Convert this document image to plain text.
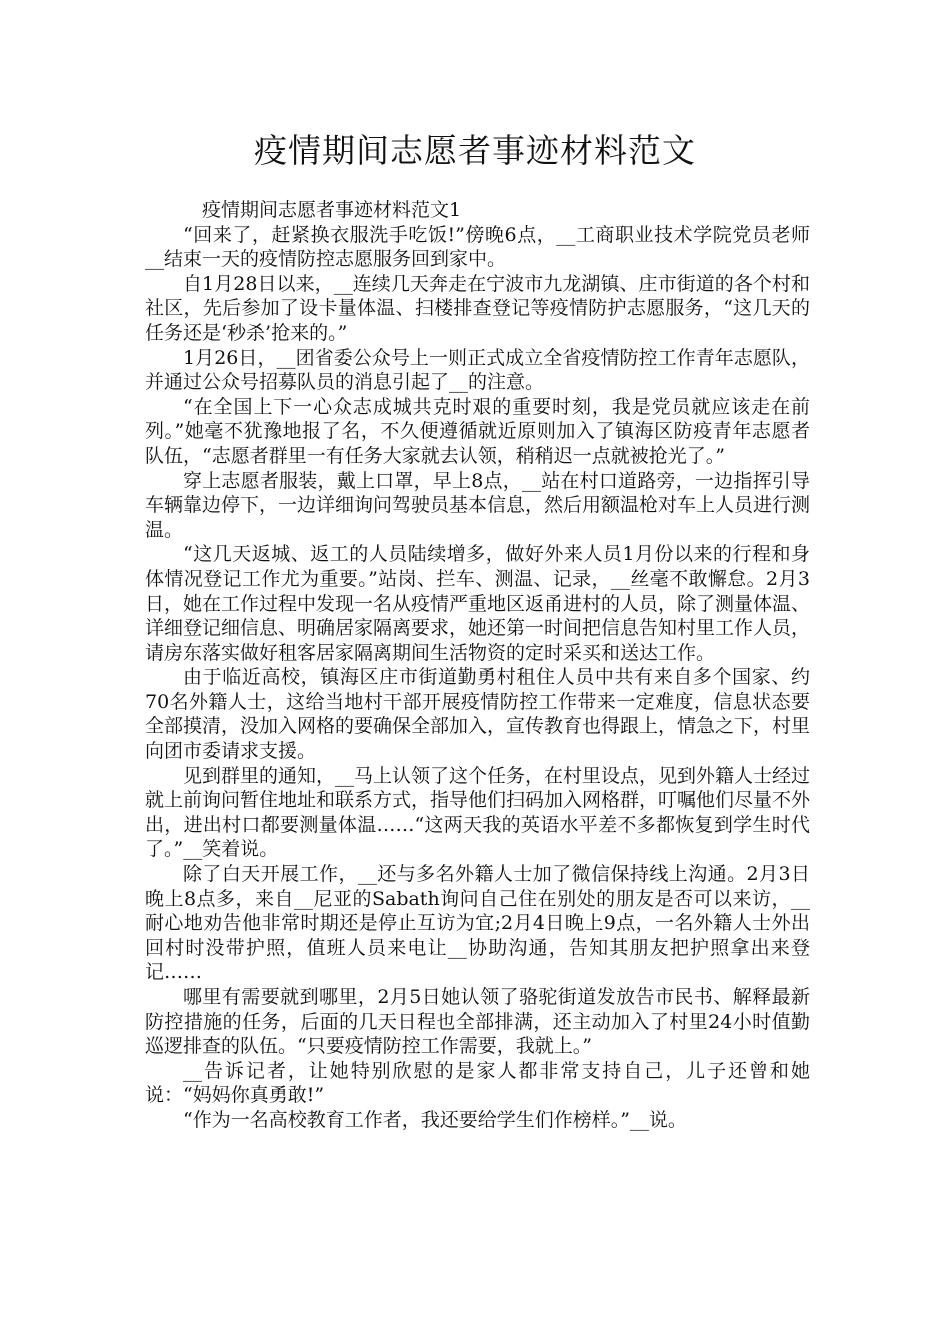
疫情期间志愿者事迹材料范文

疫情期间志愿者事迹材料范文1

“回来了，赶紧换衣服洗手吃饭!”傍晚6点，__工商职业技术学院党员老师__结束一天的疫情防控志愿服务回到家中。

自1月28日以来，__连续几天奔走在宁波市九龙湖镇、庄市街道的各个村和社区，先后参加了设卡量体温、扫楼排查登记等疫情防护志愿服务，“这几天的任务还是‘秒杀’抢来的。”

1月26日，__团省委公众号上一则正式成立全省疫情防控工作青年志愿队，并通过公众号招募队员的消息引起了__的注意。

“在全国上下一心众志成城共克时艰的重要时刻，我是党员就应该走在前列。”她毫不犹豫地报了名，不久便遵循就近原则加入了镇海区防疫青年志愿者队伍，“志愿者群里一有任务大家就去认领，稍稍迟一点就被抢光了。”

穿上志愿者服装，戴上口罩，早上8点，__站在村口道路旁，一边指挥引导车辆靠边停下，一边详细询问驾驶员基本信息，然后用额温枪对车上人员进行测温。

“这几天返城、返工的人员陆续增多，做好外来人员1月份以来的行程和身体情况登记工作尤为重要。”站岗、拦车、测温、记录，__丝毫不敢懈怠。2月3日，她在工作过程中发现一名从疫情严重地区返甬进村的人员，除了测量体温、详细登记细信息、明确居家隔离要求，她还第一时间把信息告知村里工作人员，请房东落实做好租客居家隔离期间生活物资的定时采买和送达工作。

由于临近高校，镇海区庄市街道勤勇村租住人员中共有来自多个国家、约70名外籍人士，这给当地村干部开展疫情防控工作带来一定难度，信息状态要全部摸清，没加入网格的要确保全部加入，宣传教育也得跟上，情急之下，村里向团市委请求支援。

见到群里的通知，__马上认领了这个任务，在村里设点，见到外籍人士经过就上前询问暂住地址和联系方式，指导他们扫码加入网格群，叮嘱他们尽量不外出，进出村口都要测量体温……“这两天我的英语水平差不多都恢复到学生时代了。”__笑着说。

除了白天开展工作，__还与多名外籍人士加了微信保持线上沟通。2月3日晚上8点多，来自__尼亚的Sabath询问自己住在别处的朋友是否可以来访，__耐心地劝告他非常时期还是停止互访为宜;2月4日晚上9点，一名外籍人士外出回村时没带护照，值班人员来电让__协助沟通，告知其朋友把护照拿出来登记……

哪里有需要就到哪里，2月5日她认领了骆驼街道发放告市民书、解释最新防控措施的任务，后面的几天日程也全部排满，还主动加入了村里24小时值勤巡逻排查的队伍。“只要疫情防控工作需要，我就上。”

__告诉记者，让她特别欣慰的是家人都非常支持自己，儿子还曾和她说：“妈妈你真勇敢!”

“作为一名高校教育工作者，我还要给学生们作榜样。”__说。
